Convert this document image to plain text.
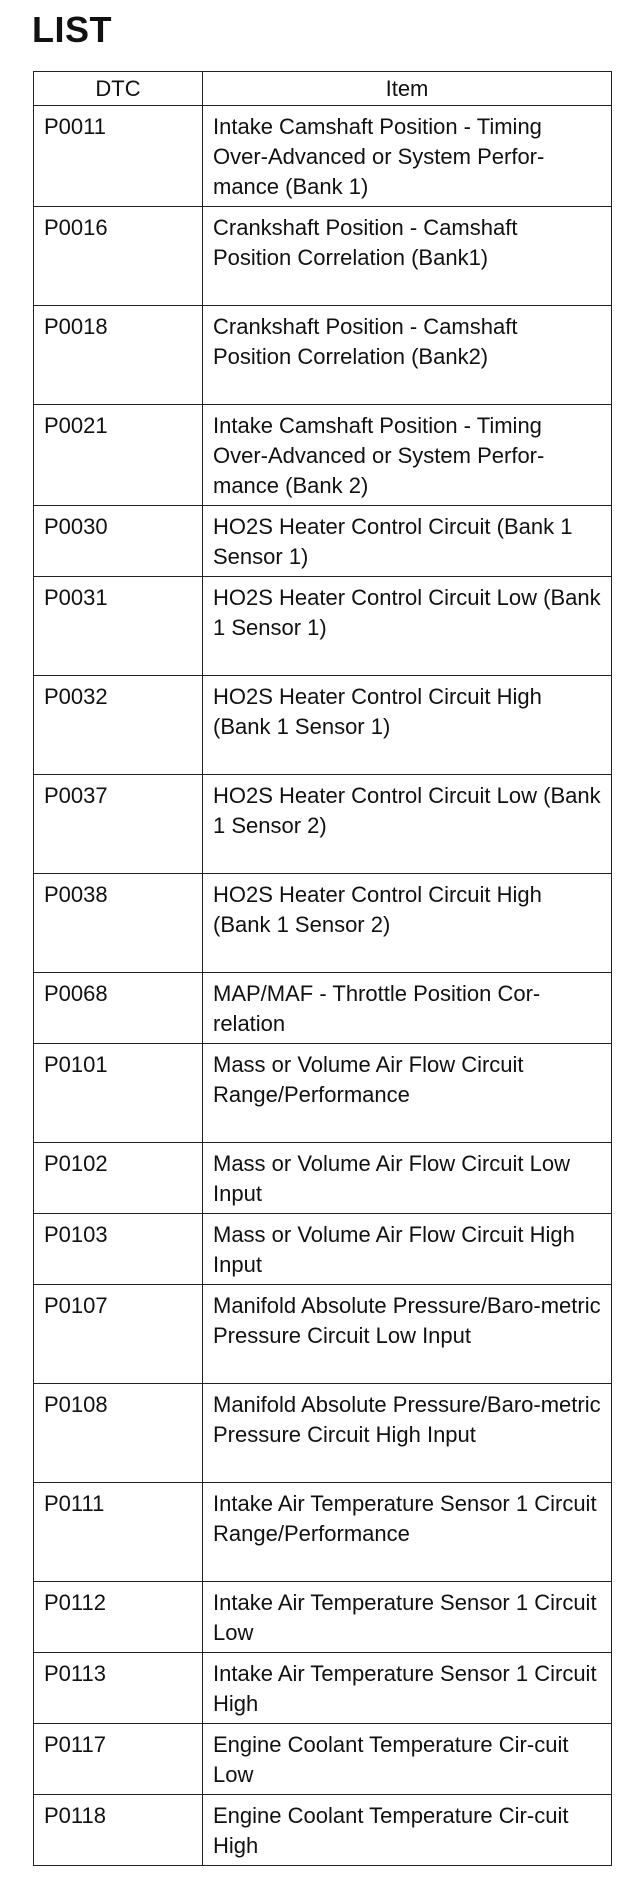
LIST
DTC	Item
P0011	Intake Camshaft Position - Timing Over-Advanced or System Perfor-mance (Bank 1)
P0016	Crankshaft Position - Camshaft Position Correlation (Bank1)
P0018	Crankshaft Position - Camshaft Position Correlation (Bank2)
P0021	Intake Camshaft Position - Timing Over-Advanced or System Perfor-mance (Bank 2)
P0030	HO2S Heater Control Circuit (Bank 1 Sensor 1)
P0031	HO2S Heater Control Circuit Low (Bank 1 Sensor 1)
P0032	HO2S Heater Control Circuit High (Bank 1 Sensor 1)
P0037	HO2S Heater Control Circuit Low (Bank 1 Sensor 2)
P0038	HO2S Heater Control Circuit High (Bank 1 Sensor 2)
P0068	MAP/MAF - Throttle Position Cor-relation
P0101	Mass or Volume Air Flow Circuit Range/Performance
P0102	Mass or Volume Air Flow Circuit Low Input
P0103	Mass or Volume Air Flow Circuit High Input
P0107	Manifold Absolute Pressure/Baro-metric Pressure Circuit Low Input
P0108	Manifold Absolute Pressure/Baro-metric Pressure Circuit High Input
P0111	Intake Air Temperature Sensor 1 Circuit Range/Performance
P0112	Intake Air Temperature Sensor 1 Circuit Low
P0113	Intake Air Temperature Sensor 1 Circuit High
P0117	Engine Coolant Temperature Cir-cuit Low
P0118	Engine Coolant Temperature Cir-cuit High
